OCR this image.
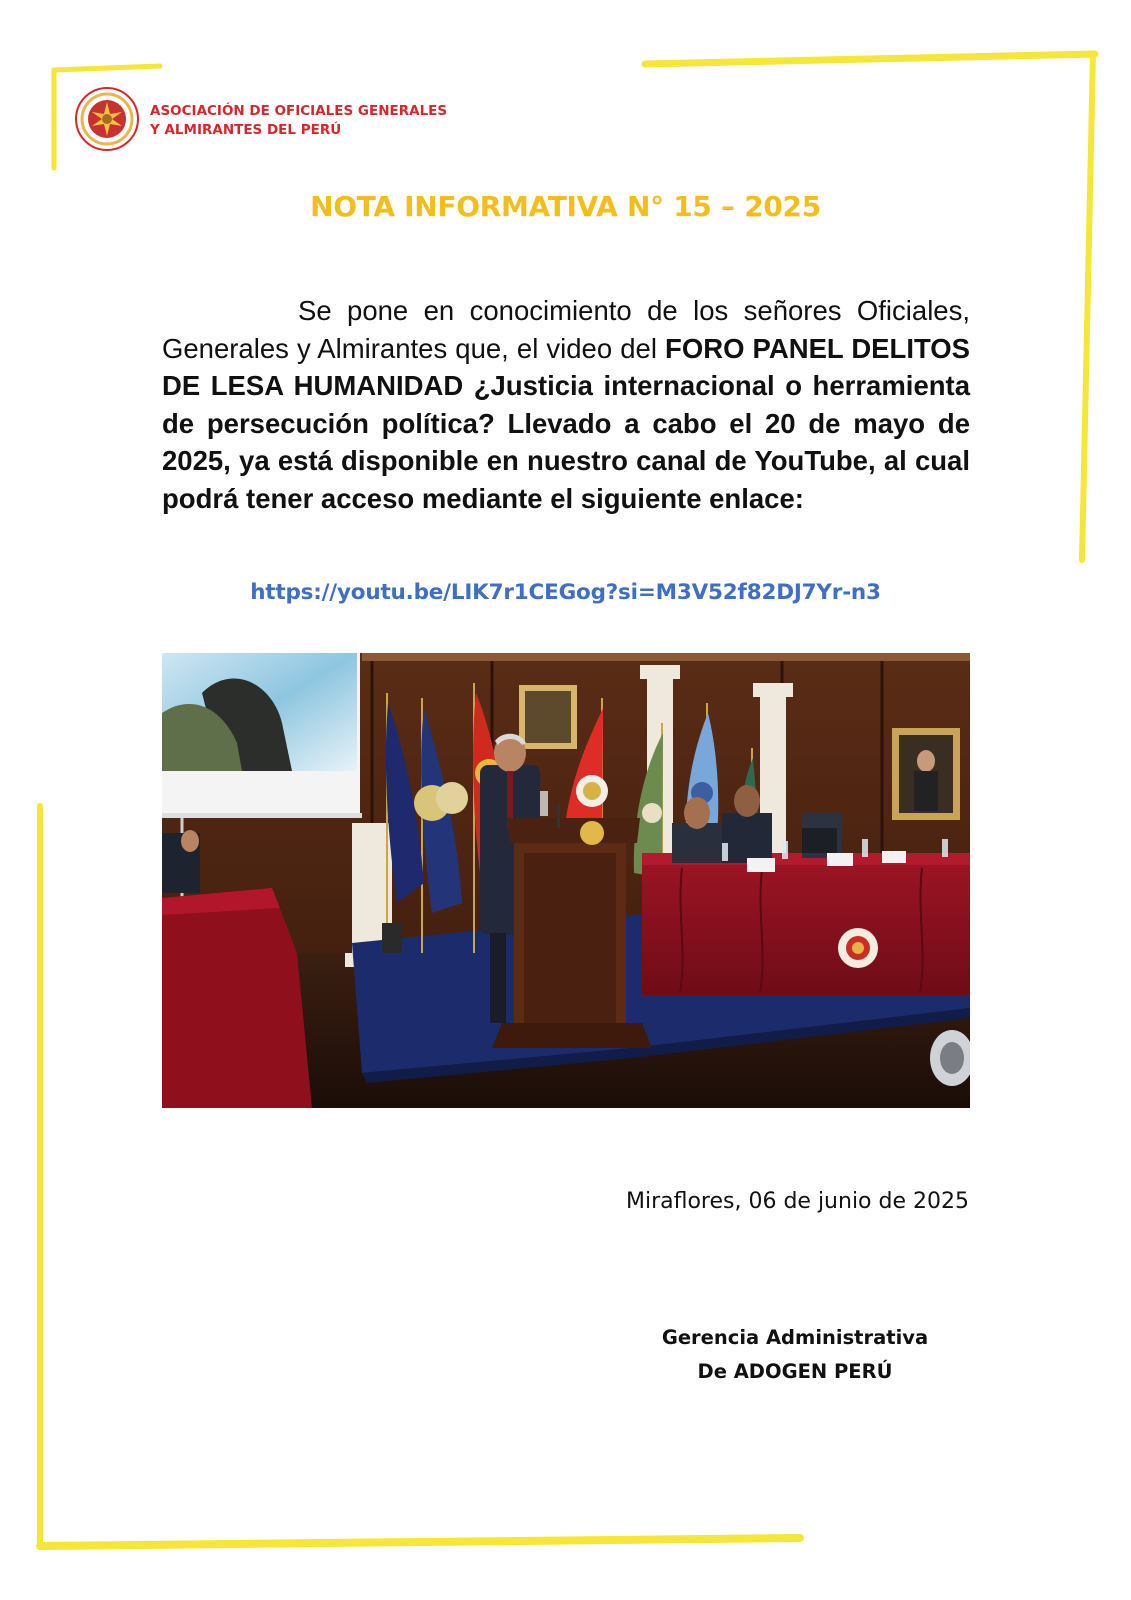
ASOCIACIÓN DE OFICIALES GENERALES
Y ALMIRANTES DEL PERÚ
NOTA INFORMATIVA N° 15 – 2025
Se pone en conocimiento de los señores Oficiales, Generales y Almirantes que, el video del FORO PANEL DELITOS DE LESA HUMANIDAD ¿Justicia internacional o herramienta de persecución política? Llevado a cabo el 20 de mayo de 2025, ya está disponible en nuestro canal de YouTube, al cual podrá tener acceso mediante el siguiente enlace:
https://youtu.be/LIK7r1CEGog?si=M3V52f82DJ7Yr-n3
Miraflores, 06 de junio de 2025
Gerencia Administrativa
De ADOGEN PERÚ
